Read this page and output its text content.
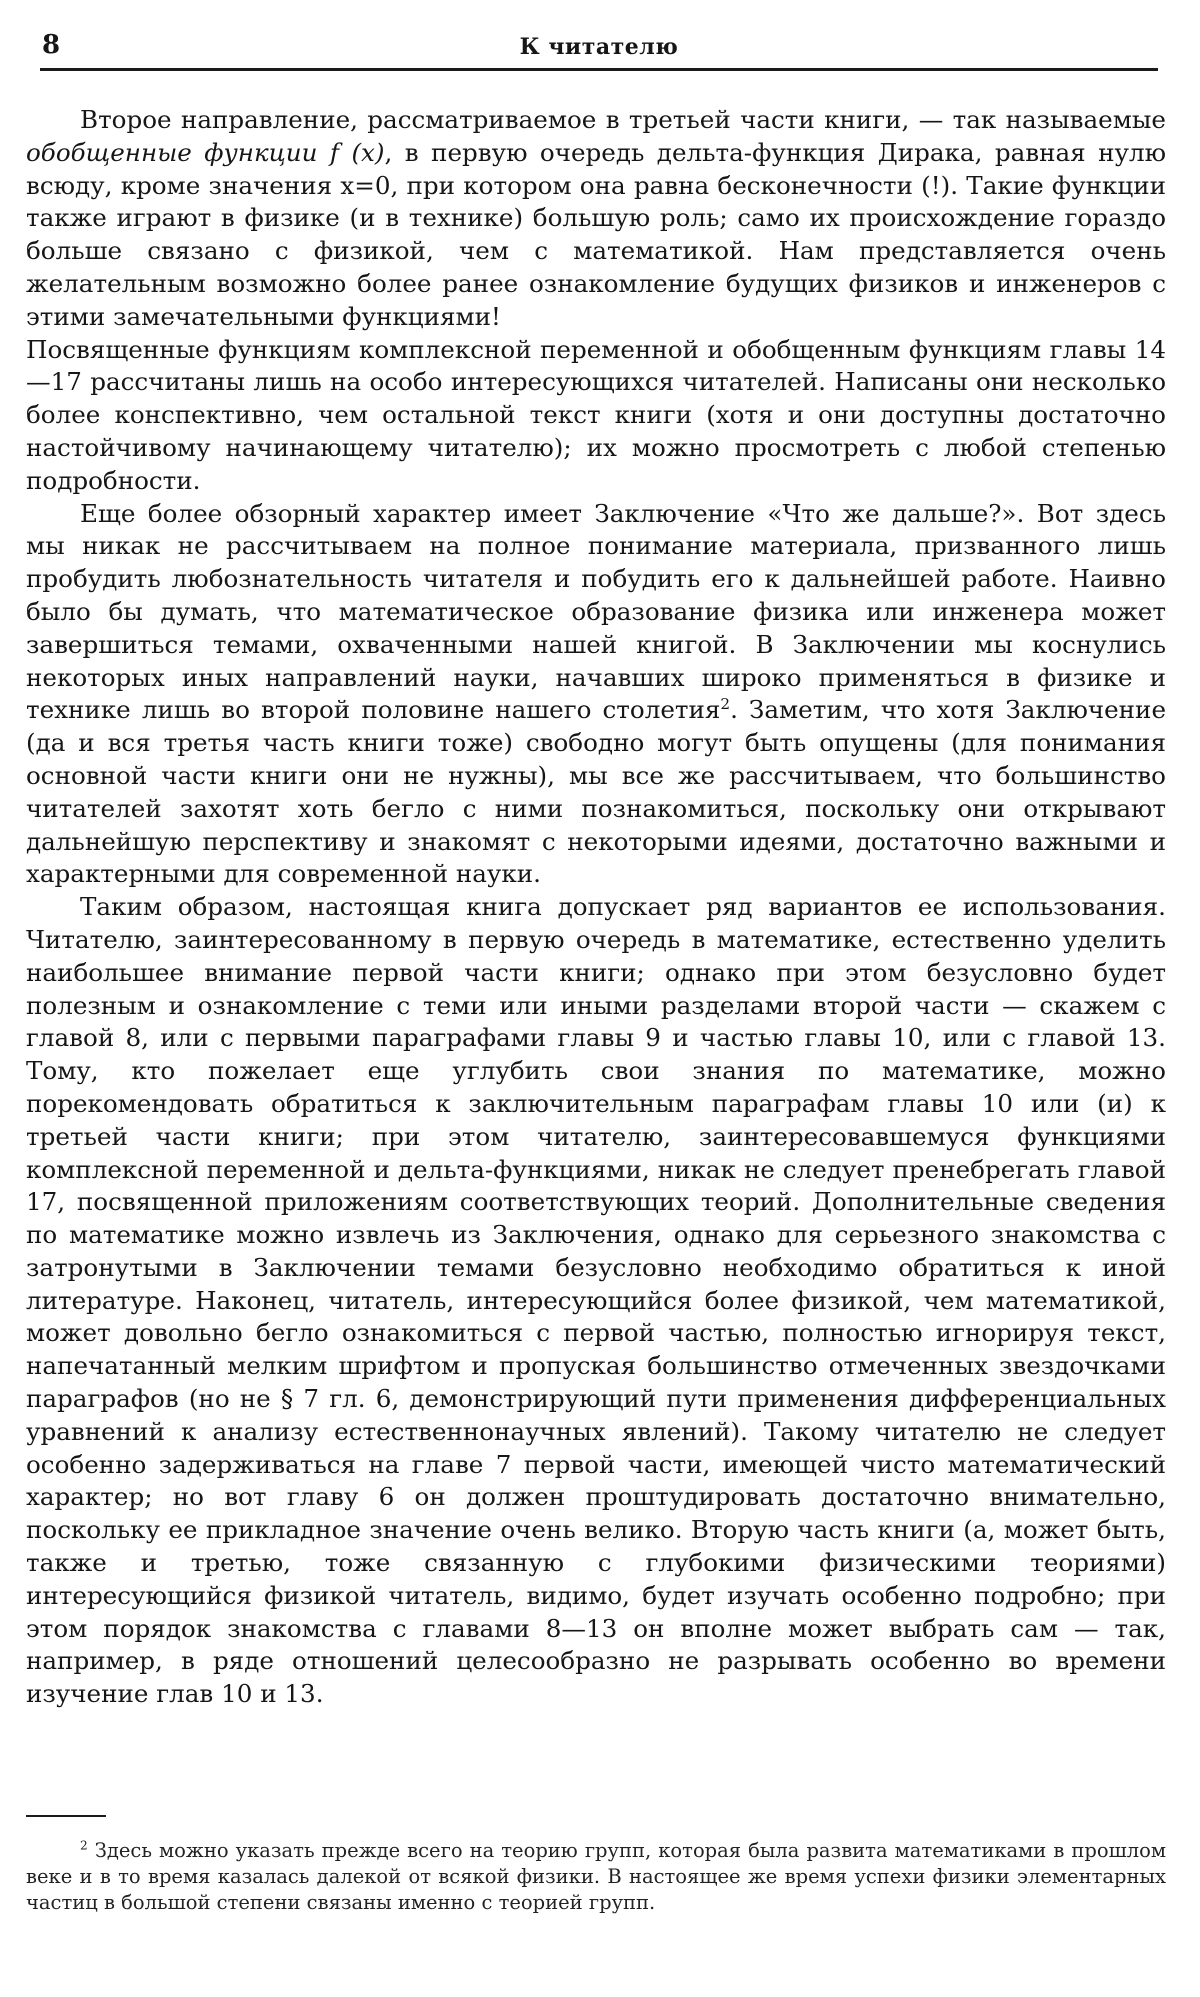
8	К читателю

Второе направление, рассматриваемое в третьей части книги, — так называемые обобщенные функции f (x), в первую очередь дельта-функция Дирака, равная нулю всюду, кроме значения x=0, при котором она равна бесконечности (!). Такие функции также играют в физике (и в технике) большую роль; само их происхождение гораздо больше связано с физикой, чем с математикой. Нам представляется очень желательным возможно более ранее ознакомление будущих физиков и инженеров с этими замечательными функциями!

Посвященные функциям комплексной переменной и обобщенным функциям главы 14—17 рассчитаны лишь на особо интересующихся читателей. Написаны они несколько более конспективно, чем остальной текст книги (хотя и они доступны достаточно настойчивому начинающему читателю); их можно просмотреть с любой степенью подробности.

Еще более обзорный характер имеет Заключение «Что же дальше?». Вот здесь мы никак не рассчитываем на полное понимание материала, призванного лишь пробудить любознательность читателя и побудить его к дальнейшей работе. Наивно было бы думать, что математическое образование физика или инженера может завершиться темами, охваченными нашей книгой. В Заключении мы коснулись некоторых иных направлений науки, начавших широко применяться в физике и технике лишь во второй половине нашего столетия$^2$. Заметим, что хотя Заключение (да и вся третья часть книги тоже) свободно могут быть опущены (для понимания основной части книги они не нужны), мы все же рассчитываем, что большинство читателей захотят хоть бегло с ними познакомиться, поскольку они открывают дальнейшую перспективу и знакомят с некоторыми идеями, достаточно важными и характерными для современной науки.

Таким образом, настоящая книга допускает ряд вариантов ее использования. Читателю, заинтересованному в первую очередь в математике, естественно уделить наибольшее внимание первой части книги; однако при этом безусловно будет полезным и ознакомление с теми или иными разделами второй части — скажем с главой 8, или с первыми параграфами главы 9 и частью главы 10, или с главой 13. Тому, кто пожелает еще углубить свои знания по математике, можно порекомендовать обратиться к заключительным параграфам главы 10 или (и) к третьей части книги; при этом читателю, заинтересовавшемуся функциями комплексной переменной и дельта-функциями, никак не следует пренебрегать главой 17, посвященной приложениям соответствующих теорий. Дополнительные сведения по математике можно извлечь из Заключения, однако для серьезного знакомства с затронутыми в Заключении темами безусловно необходимо обратиться к иной литературе. Наконец, читатель, интересующийся более физикой, чем математикой, может довольно бегло ознакомиться с первой частью, полностью игнорируя текст, напечатанный мелким шрифтом и пропуская большинство отмеченных звездочками параграфов (но не § 7 гл. 6, демонстрирующий пути применения дифференциальных уравнений к анализу естественнонаучных явлений). Такому читателю не следует особенно задерживаться на главе 7 первой части, имеющей чисто математический характер; но вот главу 6 он должен проштудировать достаточно внимательно, поскольку ее прикладное значение очень велико. Вторую часть книги (а, может быть, также и третью, тоже связанную с глубокими физическими теориями) интересующийся физикой читатель, видимо, будет изучать особенно подробно; при этом порядок знакомства с главами 8—13 он вполне может выбрать сам — так, например, в ряде отношений целесообразно не разрывать особенно во времени изучение глав 10 и 13.

$^2$ Здесь можно указать прежде всего на теорию групп, которая была развита математиками в прошлом веке и в то время казалась далекой от всякой физики. В настоящее же время успехи физики элементарных частиц в большой степени связаны именно с теорией групп.
